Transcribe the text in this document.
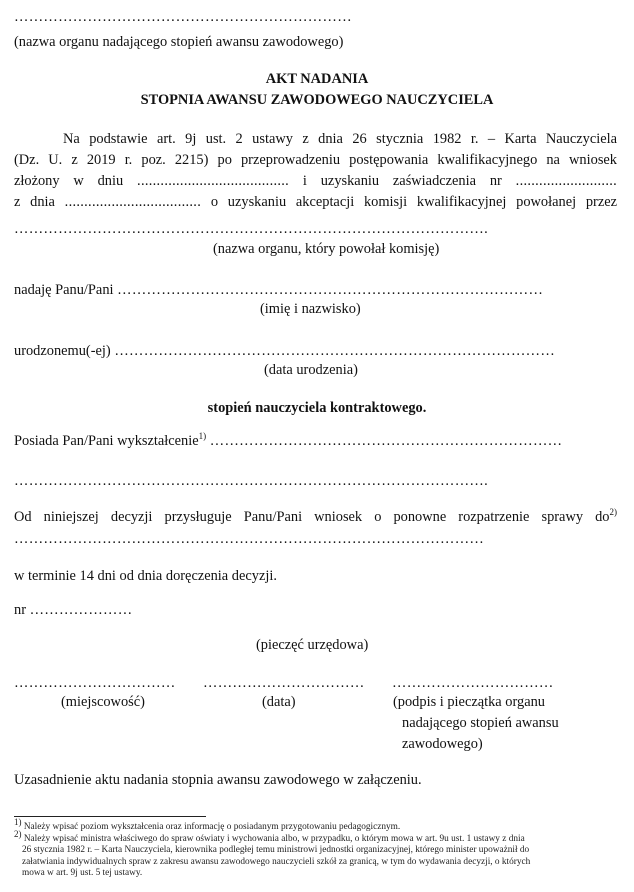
……………………………………………………………
(nazwa organu nadającego stopień awansu zawodowego)
AKT NADANIA
STOPNIA AWANSU ZAWODOWEGO NAUCZYCIELA
Na podstawie art. 9j ust. 2 ustawy z dnia 26 stycznia 1982 r. – Karta Nauczyciela
(Dz. U. z 2019 r. poz. 2215) po przeprowadzeniu postępowania kwalifikacyjnego na wniosek
złożony w dniu ....................................... i uzyskaniu zaświadczenia nr ..........................
z dnia ................................... o uzyskaniu akceptacji komisji kwalifikacyjnej powołanej przez
…………………………………………………………………………………….
(nazwa organu, który powołał komisję)
nadaję Panu/Pani ……………………………………………………………………………
(imię i nazwisko)
urodzonemu(-ej) ………………………………………………………………………………
(data urodzenia)
stopień nauczyciela kontraktowego.
Posiada Pan/Pani wykształcenie$^{1)}$ ………………………………………………………………
…………………………………………………………………………………….
Od niniejszej decyzji przysługuje Panu/Pani wniosek o ponowne rozpatrzenie sprawy $do^{2)}$
……………………………………………………………………………………
w terminie 14 dni od dnia doręczenia decyzji.
nr …………………
(pieczęć urzędowa)
…………………………… …………………………… ……………………………
(miejscowość)	(data)	(podpis i pieczątka organu
nadającego stopień awansu
zawodowego)
Uzasadnienie aktu nadania stopnia awansu zawodowego w załączeniu.
$^{1)}$ Należy wpisać poziom wykształcenia oraz informację o posiadanym przygotowaniu pedagogicznym.
$^{2)}$ Należy wpisać ministra właściwego do spraw oświaty i wychowania albo, w przypadku, o którym mowa w art. 9u ust. 1 ustawy z dnia
26 stycznia 1982 r. – Karta Nauczyciela, kierownika podległej temu ministrowi jednostki organizacyjnej, którego minister upoważnił do
załatwiania indywidualnych spraw z zakresu awansu zawodowego nauczycieli szkół za granicą, w tym do wydawania decyzji, o których
mowa w art. 9j ust. 5 tej ustawy.
